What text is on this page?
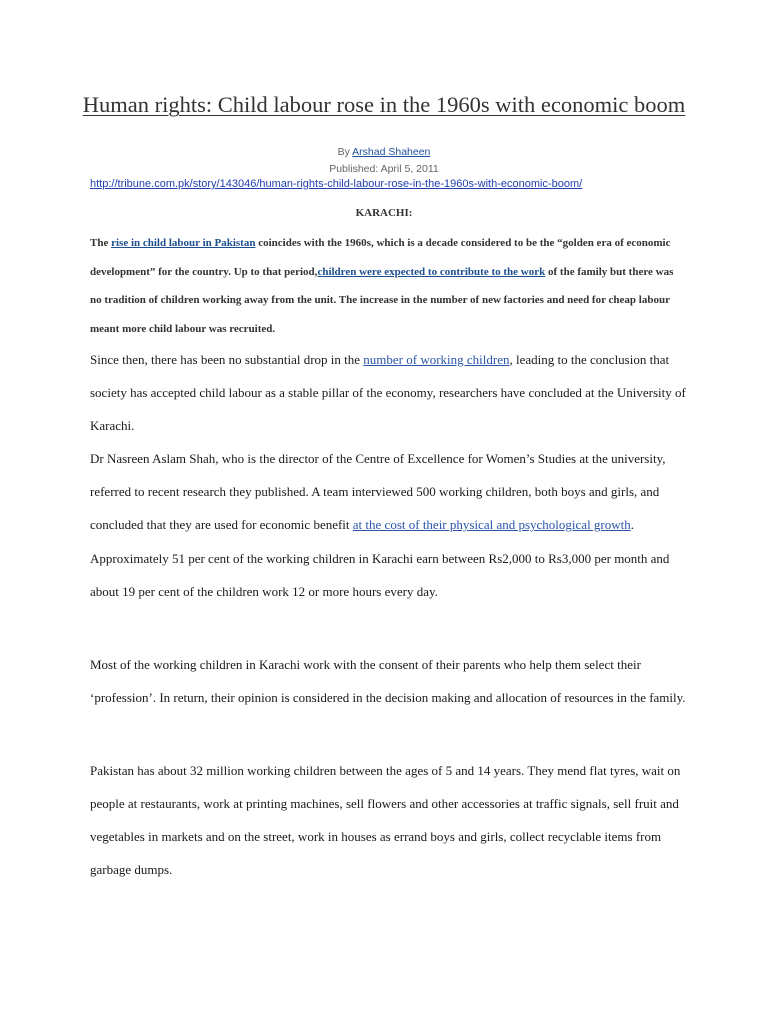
Human rights: Child labour rose in the 1960s with economic boom
By Arshad Shaheen
Published: April 5, 2011
http://tribune.com.pk/story/143046/human-rights-child-labour-rose-in-the-1960s-with-economic-boom/
KARACHI:

The rise in child labour in Pakistan coincides with the 1960s, which is a decade considered to be the “golden era of economic development” for the country. Up to that period,children were expected to contribute to the work of the family but there was no tradition of children working away from the unit. The increase in the number of new factories and need for cheap labour meant more child labour was recruited.

Since then, there has been no substantial drop in the number of working children, leading to the conclusion that society has accepted child labour as a stable pillar of the economy, researchers have concluded at the University of Karachi.

Dr Nasreen Aslam Shah, who is the director of the Centre of Excellence for Women’s Studies at the university, referred to recent research they published. A team interviewed 500 working children, both boys and girls, and concluded that they are used for economic benefit at the cost of their physical and psychological growth. Approximately 51 per cent of the working children in Karachi earn between Rs2,000 to Rs3,000 per month and about 19 per cent of the children work 12 or more hours every day.

Most of the working children in Karachi work with the consent of their parents who help them select their ‘profession’. In return, their opinion is considered in the decision making and allocation of resources in the family.

Pakistan has about 32 million working children between the ages of 5 and 14 years. They mend flat tyres, wait on people at restaurants, work at printing machines, sell flowers and other accessories at traffic signals, sell fruit and vegetables in markets and on the street, work in houses as errand boys and girls, collect recyclable items from garbage dumps.
